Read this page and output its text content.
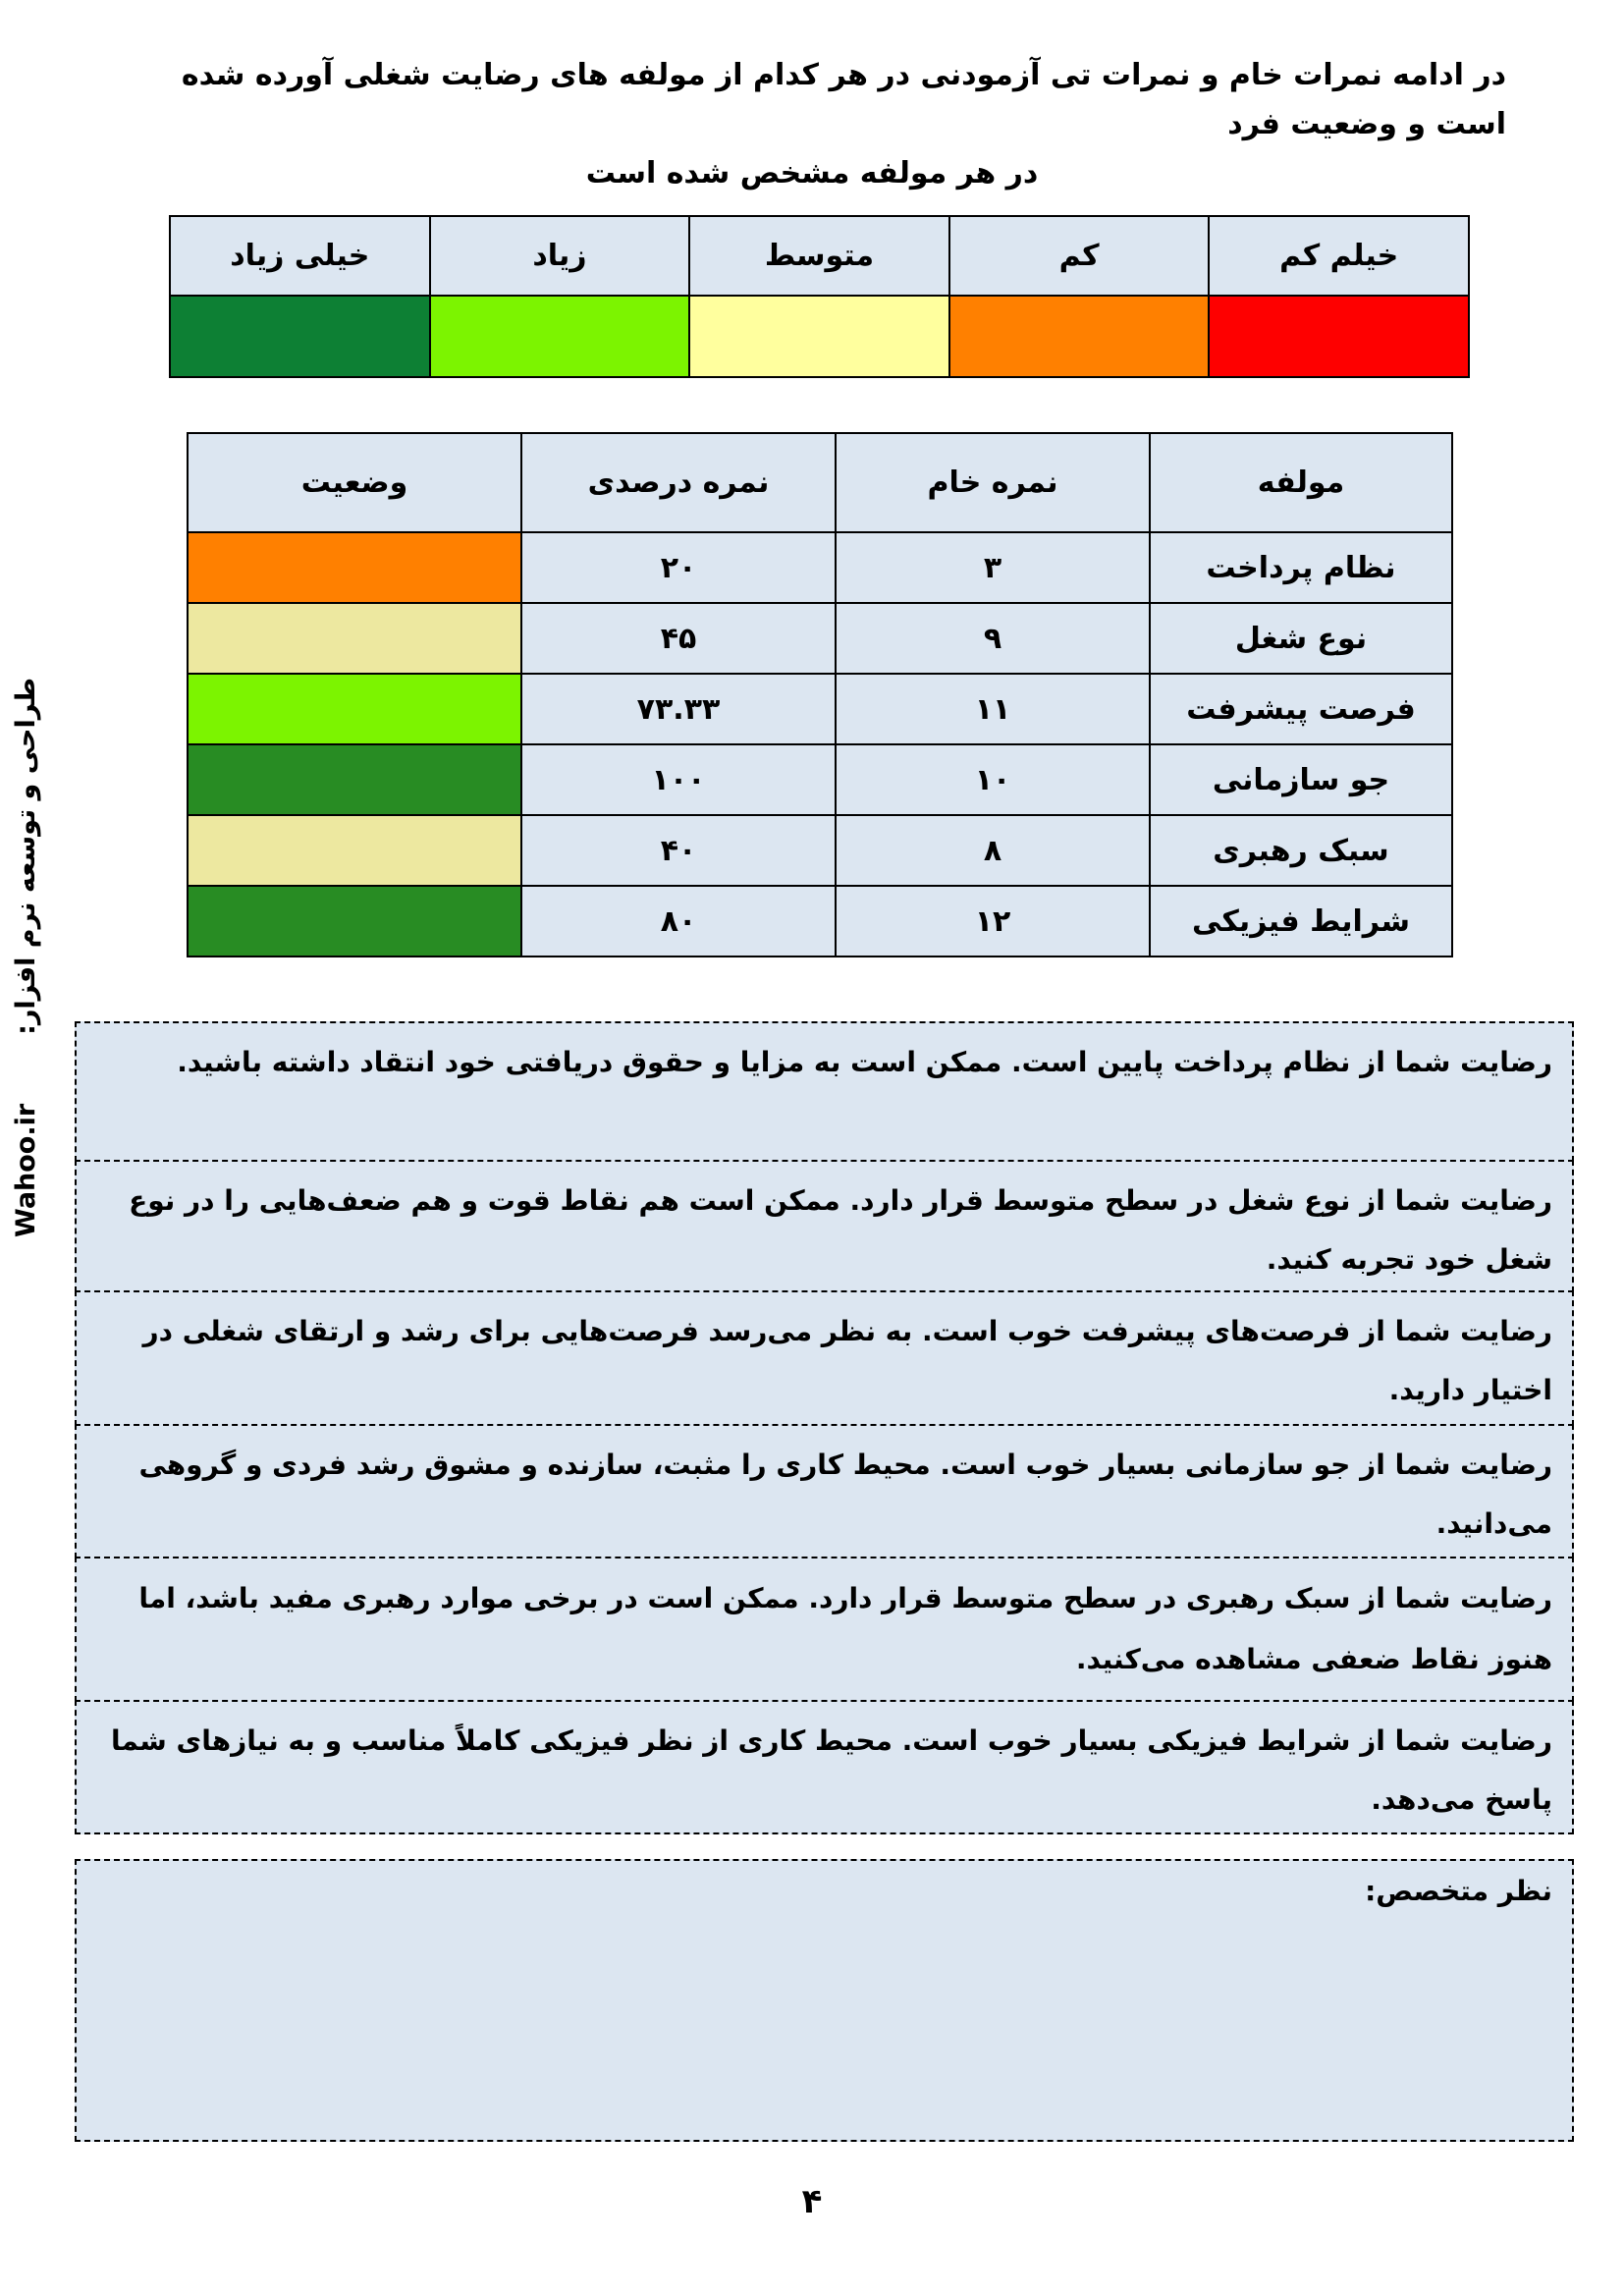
در ادامه نمرات خام و نمرات تی آزمودنی در هر کدام از مولفه های رضایت شغلی آورده شده است و وضعیت فرد
در هر مولفه مشخص شده است
خیلم کم	کم	متوسط	زیاد	خیلی زیاد

مولفه	نمره خام	نمره درصدی	وضعیت
نظام پرداخت	۳	۲۰	
نوع شغل	۹	۴۵	
فرصت پیشرفت	۱۱	۷۳.۳۳	
جو سازمانی	۱۰	۱۰۰	
سبک رهبری	۸	۴۰	
شرایط فیزیکی	۱۲	۸۰	
رضایت شما از نظام پرداخت پایین است. ممکن است به مزایا و حقوق دریافتی خود انتقاد داشته باشید.
رضایت شما از نوع شغل در سطح متوسط قرار دارد. ممکن است هم نقاط قوت و هم ضعف‌هایی را در نوع شغل خود تجربه کنید.
رضایت شما از فرصت‌های پیشرفت خوب است. به نظر می‌رسد فرصت‌هایی برای رشد و ارتقای شغلی در اختیار دارید.
رضایت شما از جو سازمانی بسیار خوب است. محیط کاری را مثبت، سازنده و مشوق رشد فردی و گروهی می‌دانید.
رضایت شما از سبک رهبری در سطح متوسط قرار دارد. ممکن است در برخی موارد رهبری مفید باشد، اما هنوز نقاط ضعفی مشاهده می‌کنید.
رضایت شما از شرایط فیزیکی بسیار خوب است. محیط کاری از نظر فیزیکی کاملاً مناسب و به نیازهای شما پاسخ می‌دهد.
نظر متخصص:
۴
طراحی و توسعه نرم افزار:
Wahoo.ir
